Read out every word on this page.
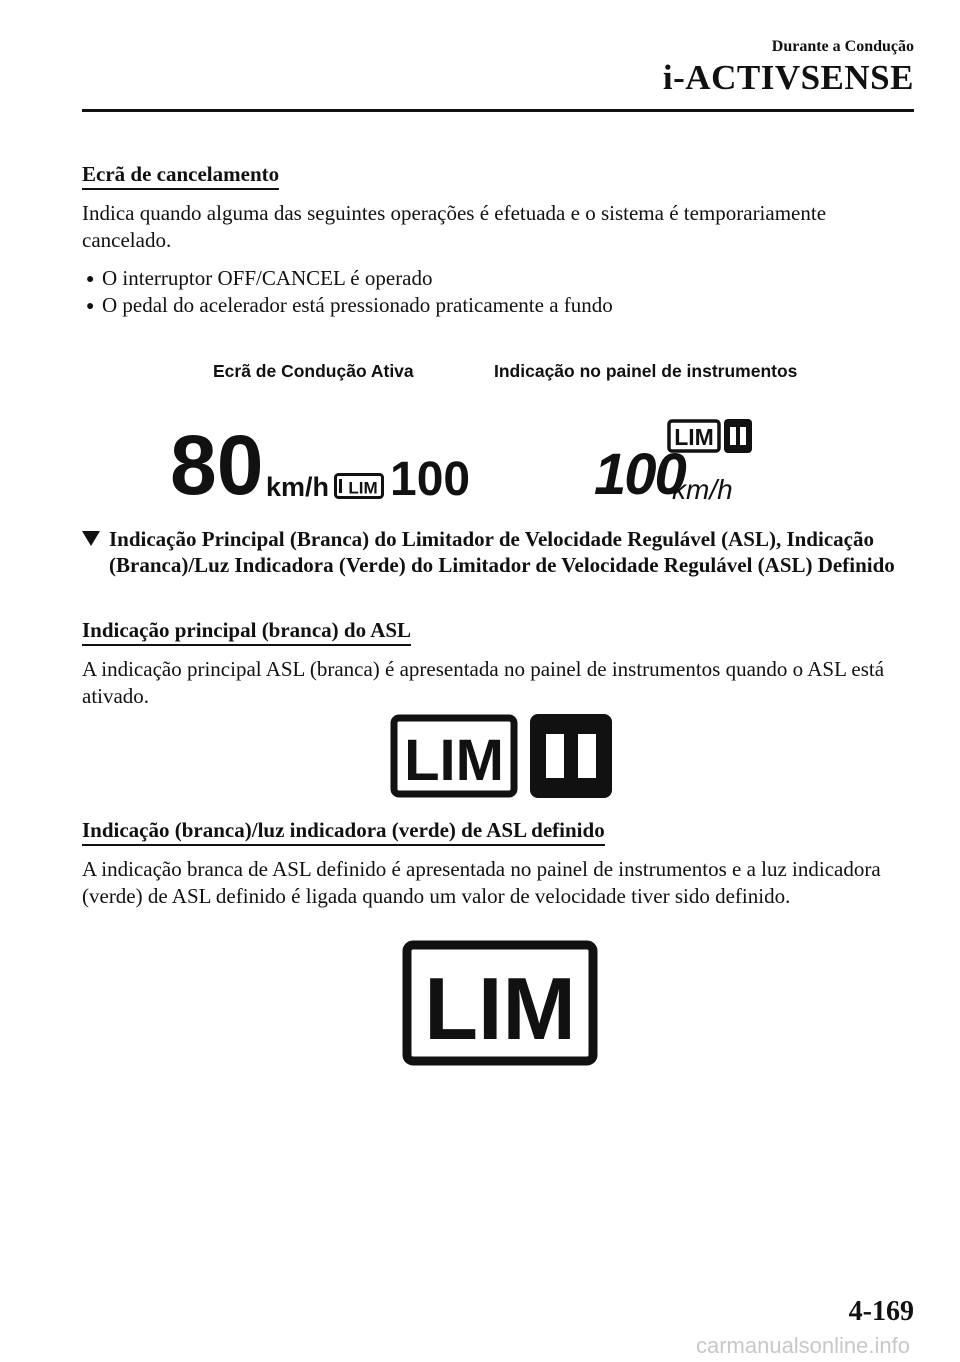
Durante a Condução
i-ACTIVSENSE
Ecrã de cancelamento
Indica quando alguma das seguintes operações é efetuada e o sistema é temporariamente cancelado.
● O interruptor OFF/CANCEL é operado
● O pedal do acelerador está pressionado praticamente a fundo
Ecrã de Condução Ativa	Indicação no painel de instrumentos
80 km/h LIM 100
LIM
100
km/h
Indicação Principal (Branca) do Limitador de Velocidade Regulável (ASL), Indicação (Branca)/Luz Indicadora (Verde) do Limitador de Velocidade Regulável (ASL) Definido
Indicação principal (branca) do ASL
A indicação principal ASL (branca) é apresentada no painel de instrumentos quando o ASL está ativado.
LIM
Indicação (branca)/luz indicadora (verde) de ASL definido
A indicação branca de ASL definido é apresentada no painel de instrumentos e a luz indicadora (verde) de ASL definido é ligada quando um valor de velocidade tiver sido definido.
LIM
4-169
carmanualsonline.info
